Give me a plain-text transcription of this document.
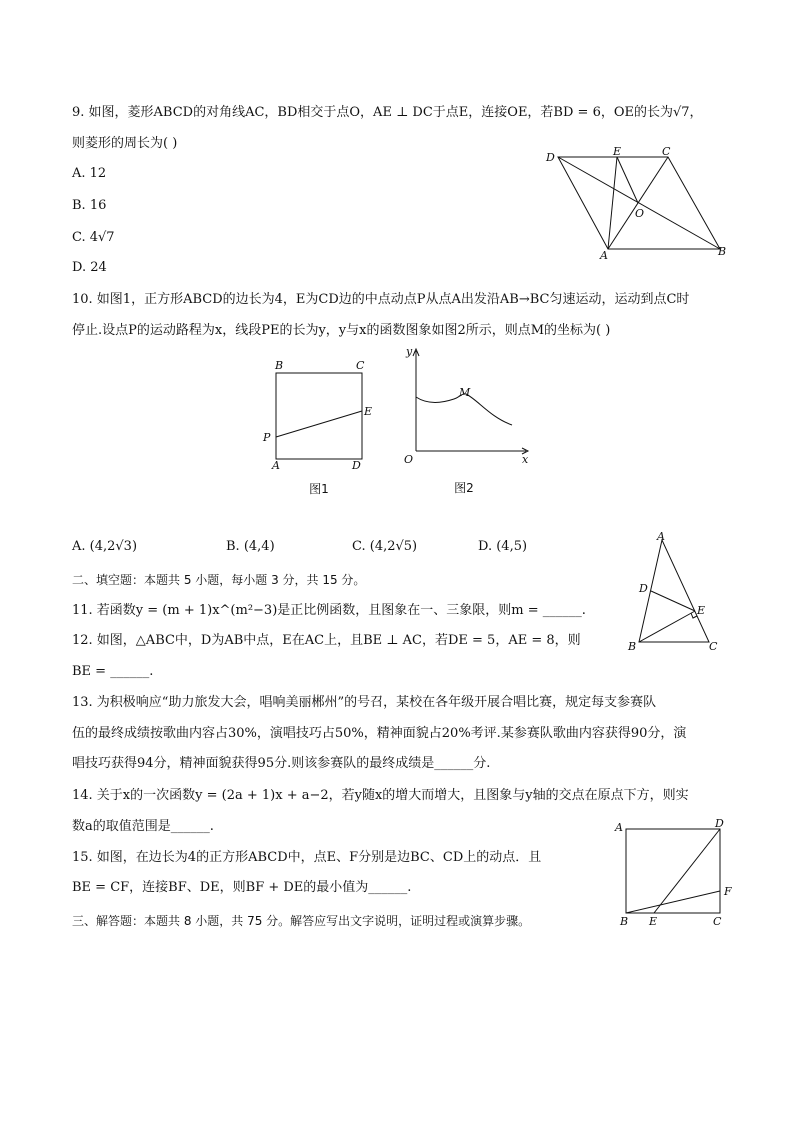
9. 如图，菱形ABCD的对角线AC，BD相交于点O，AE ⊥ DC于点E，连接OE，若BD = 6，OE的长为√7，
则菱形的周长为( )
A. 12
B. 16
C. 4√7
D. 24
D	E	C
O
A	B
10. 如图1，正方形ABCD的边长为4，E为CD边的中点动点P从点A出发沿AB→BC匀速运动，运动到点C时
停止.设点P的运动路程为x，线段PE的长为y，y与x的函数图象如图2所示，则点M的坐标为( )
B	C
E
P
A	D
图1
y
M
O	x
图2
A. (4,2√3)	B. (4,4)	C. (4,2√5)	D. (4,5)
A
D
E
B	C
二、填空题：本题共 5 小题，每小题 3 分，共 15 分。
11. 若函数y = (m + 1)x^(m²−3)是正比例函数，且图象在一、三象限，则m = ______.
12. 如图，△ABC中，D为AB中点，E在AC上，且BE ⊥ AC，若DE = 5，AE = 8，则
BE = ______.
13. 为积极响应“助力旅发大会，唱响美丽郴州”的号召，某校在各年级开展合唱比赛，规定每支参赛队
伍的最终成绩按歌曲内容占30%，演唱技巧占50%，精神面貌占20%考评.某参赛队歌曲内容获得90分，演
唱技巧获得94分，精神面貌获得95分.则该参赛队的最终成绩是______分.
14. 关于x的一次函数y = (2a + 1)x + a−2，若y随x的增大而增大，且图象与y轴的交点在原点下方，则实
数a的取值范围是______.	A	D
F
B E	C
15. 如图，在边长为4的正方形ABCD中，点E、F分别是边BC、CD上的动点．且
BE = CF，连接BF、DE，则BF + DE的最小值为______.
三、解答题：本题共 8 小题，共 75 分。解答应写出文字说明，证明过程或演算步骤。
